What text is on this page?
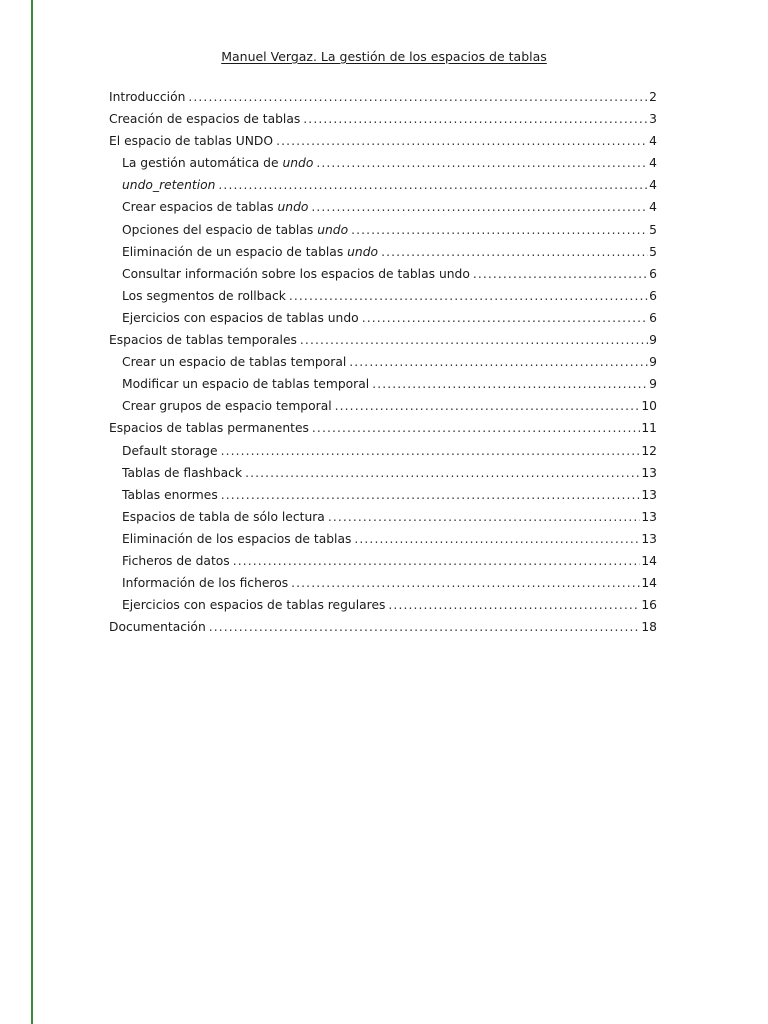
Manuel Vergaz. La gestión de los espacios de tablas
Introducción .....	2
Creación de espacios de tablas .....	3
El espacio de tablas UNDO .....	4
La gestión automática de undo .....	4
undo_retention .....	4
Crear espacios de tablas undo .....	4
Opciones del espacio de tablas undo .....	5
Eliminación de un espacio de tablas undo .....	5
Consultar información sobre los espacios de tablas undo .....	6
Los segmentos de rollback .....	6
Ejercicios con espacios de tablas undo .....	6
Espacios de tablas temporales .....	9
Crear un espacio de tablas temporal .....	9
Modificar un espacio de tablas temporal .....	9
Crear grupos de espacio temporal .....	10
Espacios de tablas permanentes .....	11
Default storage .....	12
Tablas de flashback .....	13
Tablas enormes .....	13
Espacios de tabla de sólo lectura .....	13
Eliminación de los espacios de tablas .....	13
Ficheros de datos .....	14
Información de los ficheros .....	14
Ejercicios con espacios de tablas regulares .....	16
Documentación .....	18
